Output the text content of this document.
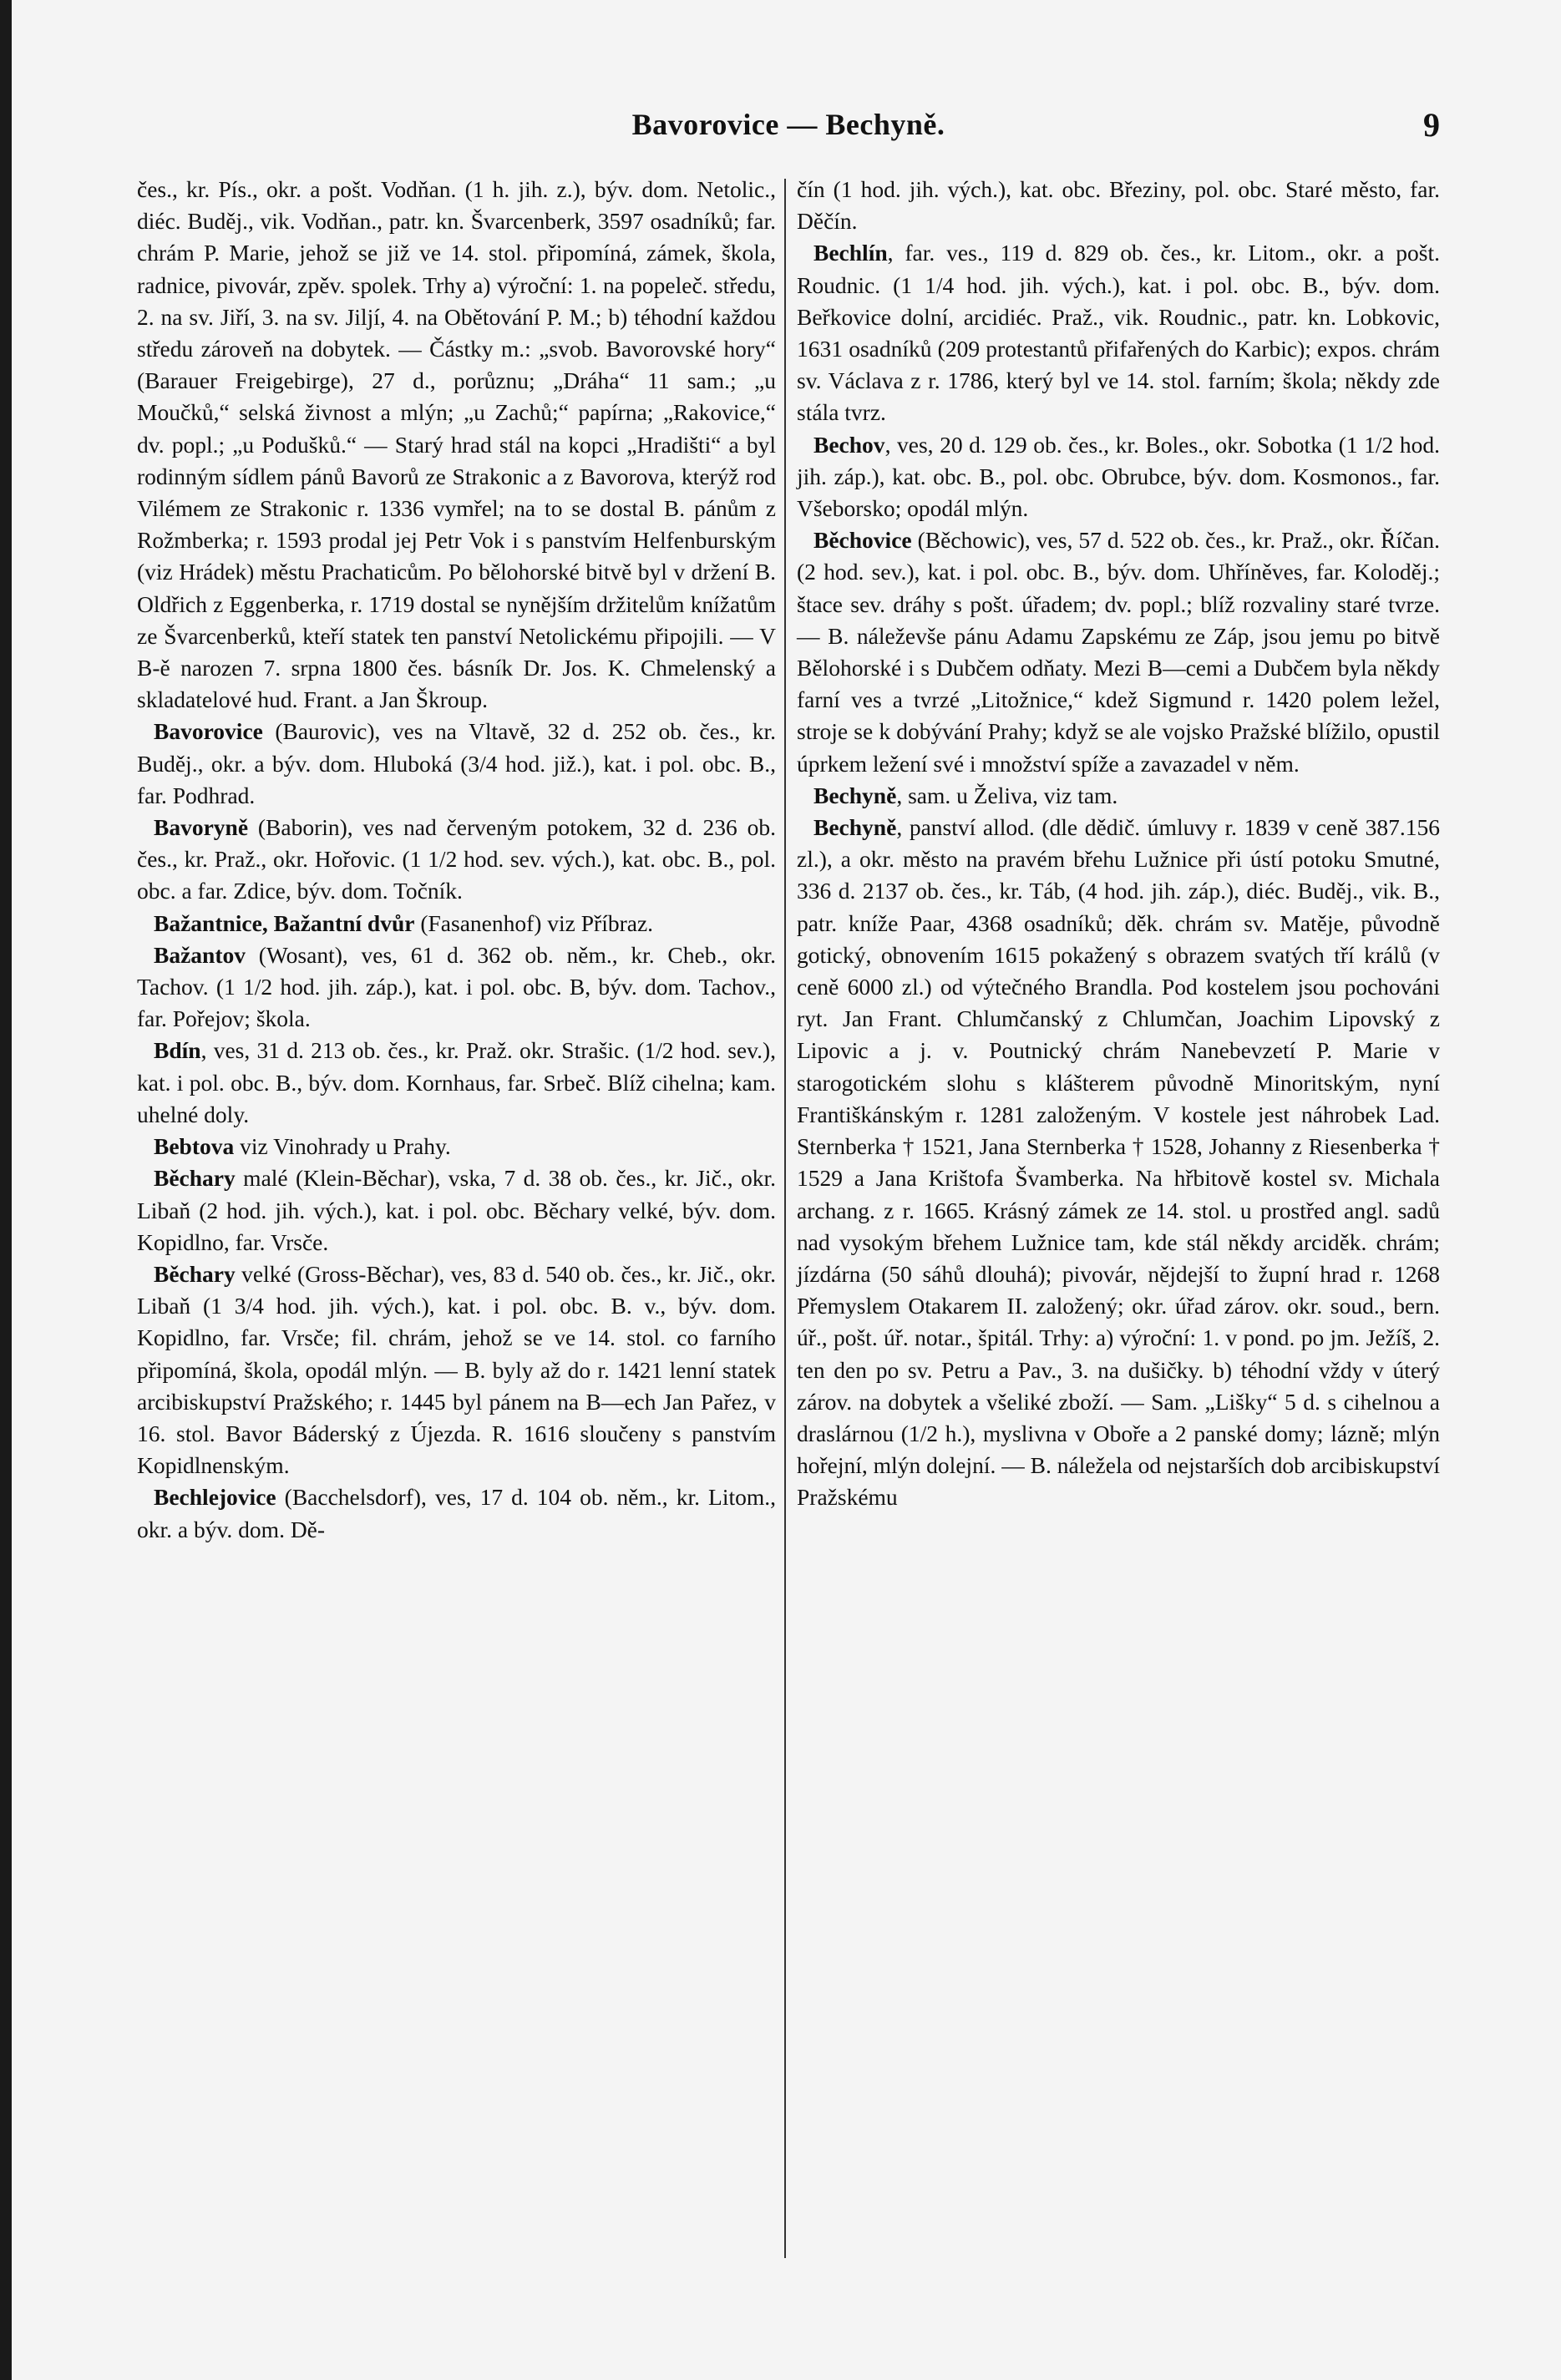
Bavorovice — Bechyně.	9

čes., kr. Pís., okr. a pošt. Vodňan. (1 h. jih. z.), býv. dom. Netolic., diéc. Buděj., vik. Vodňan., patr. kn. Švarcenberk, 3597 osadníků; far. chrám P. Marie, jehož se již ve 14. stol. připomíná, zámek, škola, radnice, pivovár, zpěv. spolek. Trhy a) výroční: 1. na popeleč. středu, 2. na sv. Jiří, 3. na sv. Jiljí, 4. na Obětování P. M.; b) téhodní každou středu zároveň na dobytek. — Částky m.: „svob. Bavorovské hory“ (Barauer Freigebirge), 27 d., porůznu; „Dráha“ 11 sam.; „u Moučků,“ selská živnost a mlýn; „u Zachů;“ papírna; „Rakovice,“ dv. popl.; „u Podušků.“ — Starý hrad stál na kopci „Hradišti“ a byl rodinným sídlem pánů Bavorů ze Strakonic a z Bavorova, kterýž rod Vilémem ze Strakonic r. 1336 vymřel; na to se dostal B. pánům z Rožmberka; r. 1593 prodal jej Petr Vok i s panstvím Helfenburským (viz Hrádek) městu Prachaticům. Po bělohorské bitvě byl v držení B. Oldřich z Eggenberka, r. 1719 dostal se nynějším držitelům knížatům ze Švarcenberků, kteří statek ten panství Netolickému připojili. — V B-ě narozen 7. srpna 1800 čes. básník Dr. Jos. K. Chmelenský a skladatelové hud. Frant. a Jan Škroup.

Bavorovice (Baurovic), ves na Vltavě, 32 d. 252 ob. čes., kr. Buděj., okr. a býv. dom. Hluboká (3/4 hod. již.), kat. i pol. obc. B., far. Podhrad.

Bavoryně (Baborin), ves nad červeným potokem, 32 d. 236 ob. čes., kr. Praž., okr. Hořovic. (1 1/2 hod. sev. vých.), kat. obc. B., pol. obc. a far. Zdice, býv. dom. Točník.

Bažantnice, Bažantní dvůr (Fasanenhof) viz Příbraz.

Bažantov (Wosant), ves, 61 d. 362 ob. něm., kr. Cheb., okr. Tachov. (1 1/2 hod. jih. záp.), kat. i pol. obc. B, býv. dom. Tachov., far. Pořejov; škola.

Bdín, ves, 31 d. 213 ob. čes., kr. Praž. okr. Strašic. (1/2 hod. sev.), kat. i pol. obc. B., býv. dom. Kornhaus, far. Srbeč. Blíž cihelna; kam. uhelné doly.

Bebtova viz Vinohrady u Prahy.

Běchary malé (Klein-Běchar), vska, 7 d. 38 ob. čes., kr. Jič., okr. Libaň (2 hod. jih. vých.), kat. i pol. obc. Běchary velké, býv. dom. Kopidlno, far. Vrsče.

Běchary velké (Gross-Běchar), ves, 83 d. 540 ob. čes., kr. Jič., okr. Libaň (1 3/4 hod. jih. vých.), kat. i pol. obc. B. v., býv. dom. Kopidlno, far. Vrsče; fil. chrám, jehož se ve 14. stol. co farního připomíná, škola, opodál mlýn. — B. byly až do r. 1421 lenní statek arcibiskupství Pražského; r. 1445 byl pánem na B—ech Jan Pařez, v 16. stol. Bavor Báderský z Újezda. R. 1616 sloučeny s panstvím Kopidlnenským.

Bechlejovice (Bacchelsdorf), ves, 17 d. 104 ob. něm., kr. Litom., okr. a býv. dom. Dě-

čín (1 hod. jih. vých.), kat. obc. Březiny, pol. obc. Staré město, far. Děčín.

Bechlín, far. ves., 119 d. 829 ob. čes., kr. Litom., okr. a pošt. Roudnic. (1 1/4 hod. jih. vých.), kat. i pol. obc. B., býv. dom. Beřkovice dolní, arcidiéc. Praž., vik. Roudnic., patr. kn. Lobkovic, 1631 osadníků (209 protestantů přifařených do Karbic); expos. chrám sv. Václava z r. 1786, který byl ve 14. stol. farním; škola; někdy zde stála tvrz.

Bechov, ves, 20 d. 129 ob. čes., kr. Boles., okr. Sobotka (1 1/2 hod. jih. záp.), kat. obc. B., pol. obc. Obrubce, býv. dom. Kosmonos., far. Všeborsko; opodál mlýn.

Běchovice (Běchowic), ves, 57 d. 522 ob. čes., kr. Praž., okr. Říčan. (2 hod. sev.), kat. i pol. obc. B., býv. dom. Uhříněves, far. Koloděj.; štace sev. dráhy s pošt. úřadem; dv. popl.; blíž rozvaliny staré tvrze. — B. náleževše pánu Adamu Zapskému ze Záp, jsou jemu po bitvě Bělohorské i s Dubčem odňaty. Mezi B—cemi a Dubčem byla někdy farní ves a tvrzé „Litožnice,“ kdež Sigmund r. 1420 polem ležel, stroje se k dobývání Prahy; když se ale vojsko Pražské blížilo, opustil úprkem ležení své i množství spíže a zavazadel v něm.

Bechyně, sam. u Želiva, viz tam.

Bechyně, panství allod. (dle dědič. úmluvy r. 1839 v ceně 387.156 zl.), a okr. město na pravém břehu Lužnice při ústí potoku Smutné, 336 d. 2137 ob. čes., kr. Táb, (4 hod. jih. záp.), diéc. Buděj., vik. B., patr. kníže Paar, 4368 osadníků; děk. chrám sv. Matěje, původně gotický, obnovením 1615 pokažený s obrazem svatých tří králů (v ceně 6000 zl.) od výtečného Brandla. Pod kostelem jsou pochováni ryt. Jan Frant. Chlumčanský z Chlumčan, Joachim Lipovský z Lipovic a j. v. Poutnický chrám Nanebevzetí P. Marie v starogotickém slohu s klášterem původně Minoritským, nyní Františkánským r. 1281 založeným. V kostele jest náhrobek Lad. Sternberka † 1521, Jana Sternberka † 1528, Johanny z Riesenberka † 1529 a Jana Krištofa Švamberka. Na hřbitově kostel sv. Michala archang. z r. 1665. Krásný zámek ze 14. stol. u prostřed angl. sadů nad vysokým břehem Lužnice tam, kde stál někdy arciděk. chrám; jízdárna (50 sáhů dlouhá); pivovár, nějdejší to župní hrad r. 1268 Přemyslem Otakarem II. založený; okr. úřad zárov. okr. soud., bern. úř., pošt. úř. notar., špitál. Trhy: a) výroční: 1. v pond. po jm. Ježíš, 2. ten den po sv. Petru a Pav., 3. na dušičky. b) téhodní vždy v úterý zárov. na dobytek a všeliké zboží. — Sam. „Lišky“ 5 d. s cihelnou a draslárnou (1/2 h.), myslivna v Oboře a 2 panské domy; lázně; mlýn hořejní, mlýn dolejní. — B. náležela od nejstarších dob arcibiskupství Pražskému
